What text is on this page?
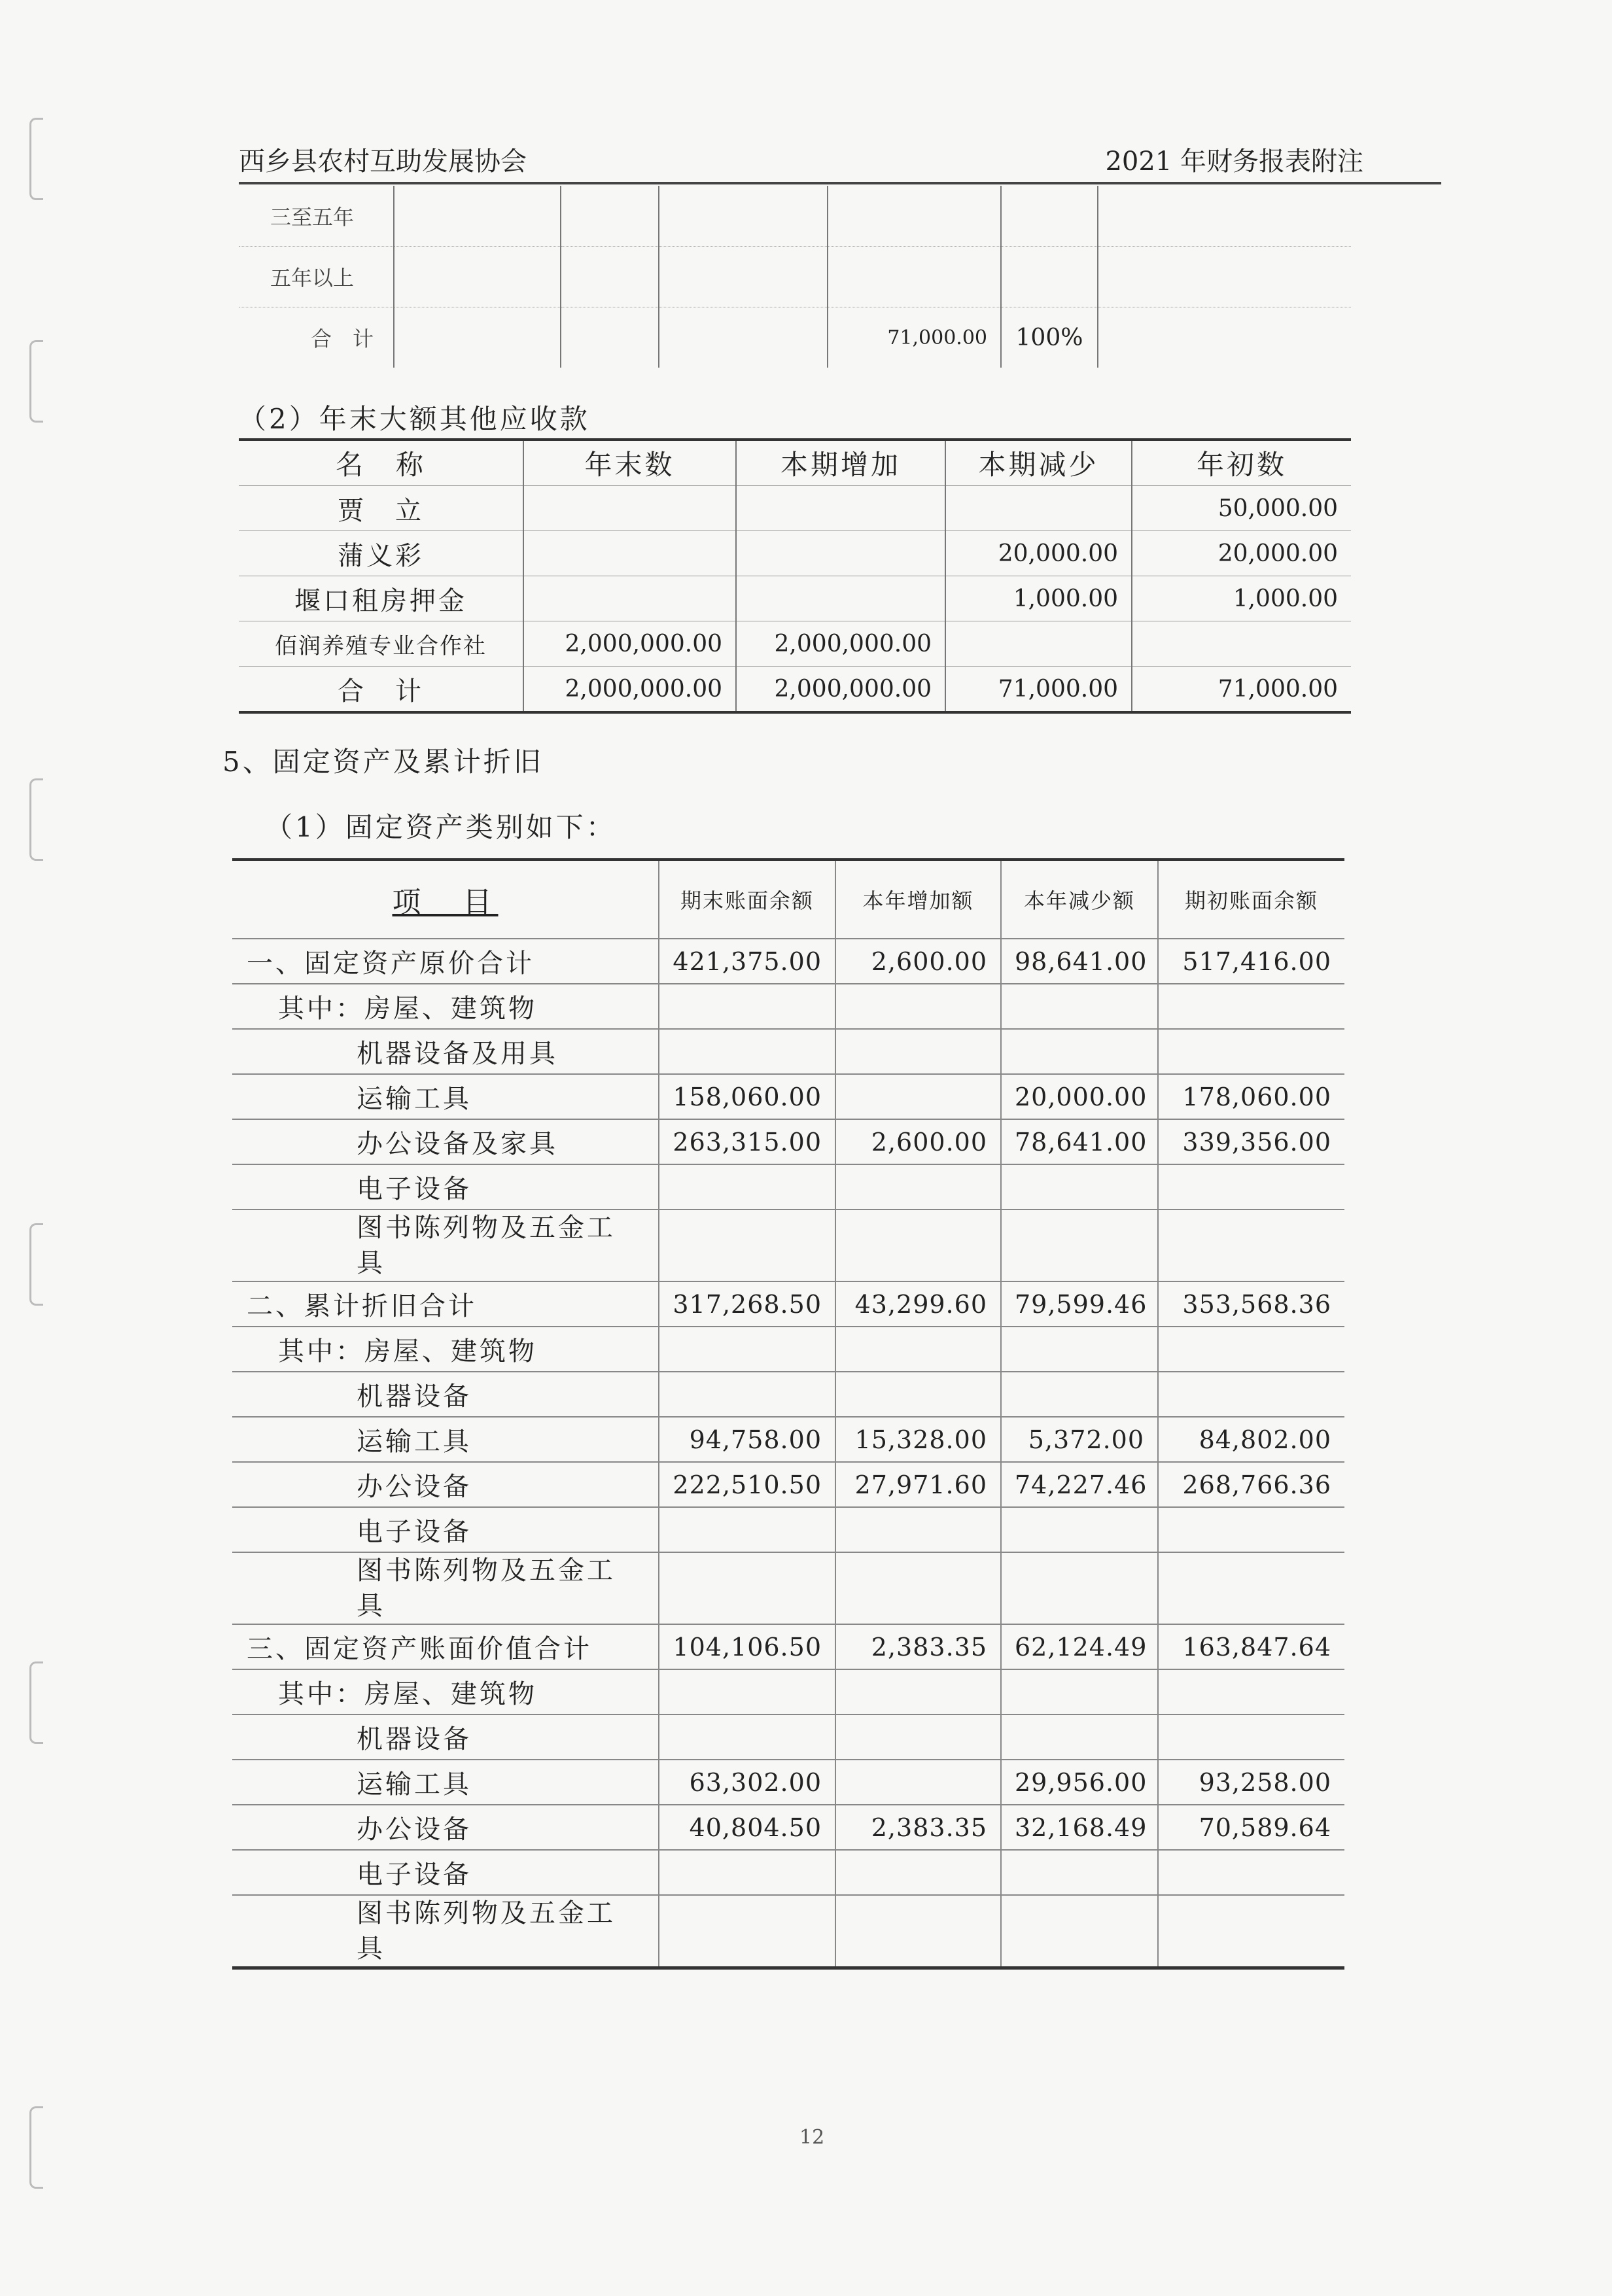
西乡县农村互助发展协会	2021 年财务报表附注
三至五年						
五年以上						
合　计				71,000.00	100%	
（2）年末大额其他应收款
名　称	年末数	本期增加	本期减少	年初数
贾　立				50,000.00
蒲义彩			20,000.00	20,000.00
堰口租房押金			1,000.00	1,000.00
佰润养殖专业合作社	2,000,000.00	2,000,000.00		
合　计	2,000,000.00	2,000,000.00	71,000.00	71,000.00
5、固定资产及累计折旧
（1）固定资产类别如下：
项　目	期末账面余额	本年增加额	本年减少额	期初账面余额
一、固定资产原价合计	421,375.00	2,600.00	98,641.00	517,416.00
其中：房屋、建筑物				
机器设备及用具				
运输工具	158,060.00		20,000.00	178,060.00
办公设备及家具	263,315.00	2,600.00	78,641.00	339,356.00
电子设备				
图书陈列物及五金工具				
二、累计折旧合计	317,268.50	43,299.60	79,599.46	353,568.36
其中：房屋、建筑物				
机器设备				
运输工具	94,758.00	15,328.00	5,372.00	84,802.00
办公设备	222,510.50	27,971.60	74,227.46	268,766.36
电子设备				
图书陈列物及五金工具				
三、固定资产账面价值合计	104,106.50	2,383.35	62,124.49	163,847.64
其中：房屋、建筑物				
机器设备				
运输工具	63,302.00		29,956.00	93,258.00
办公设备	40,804.50	2,383.35	32,168.49	70,589.64
电子设备				
图书陈列物及五金工具				
12
